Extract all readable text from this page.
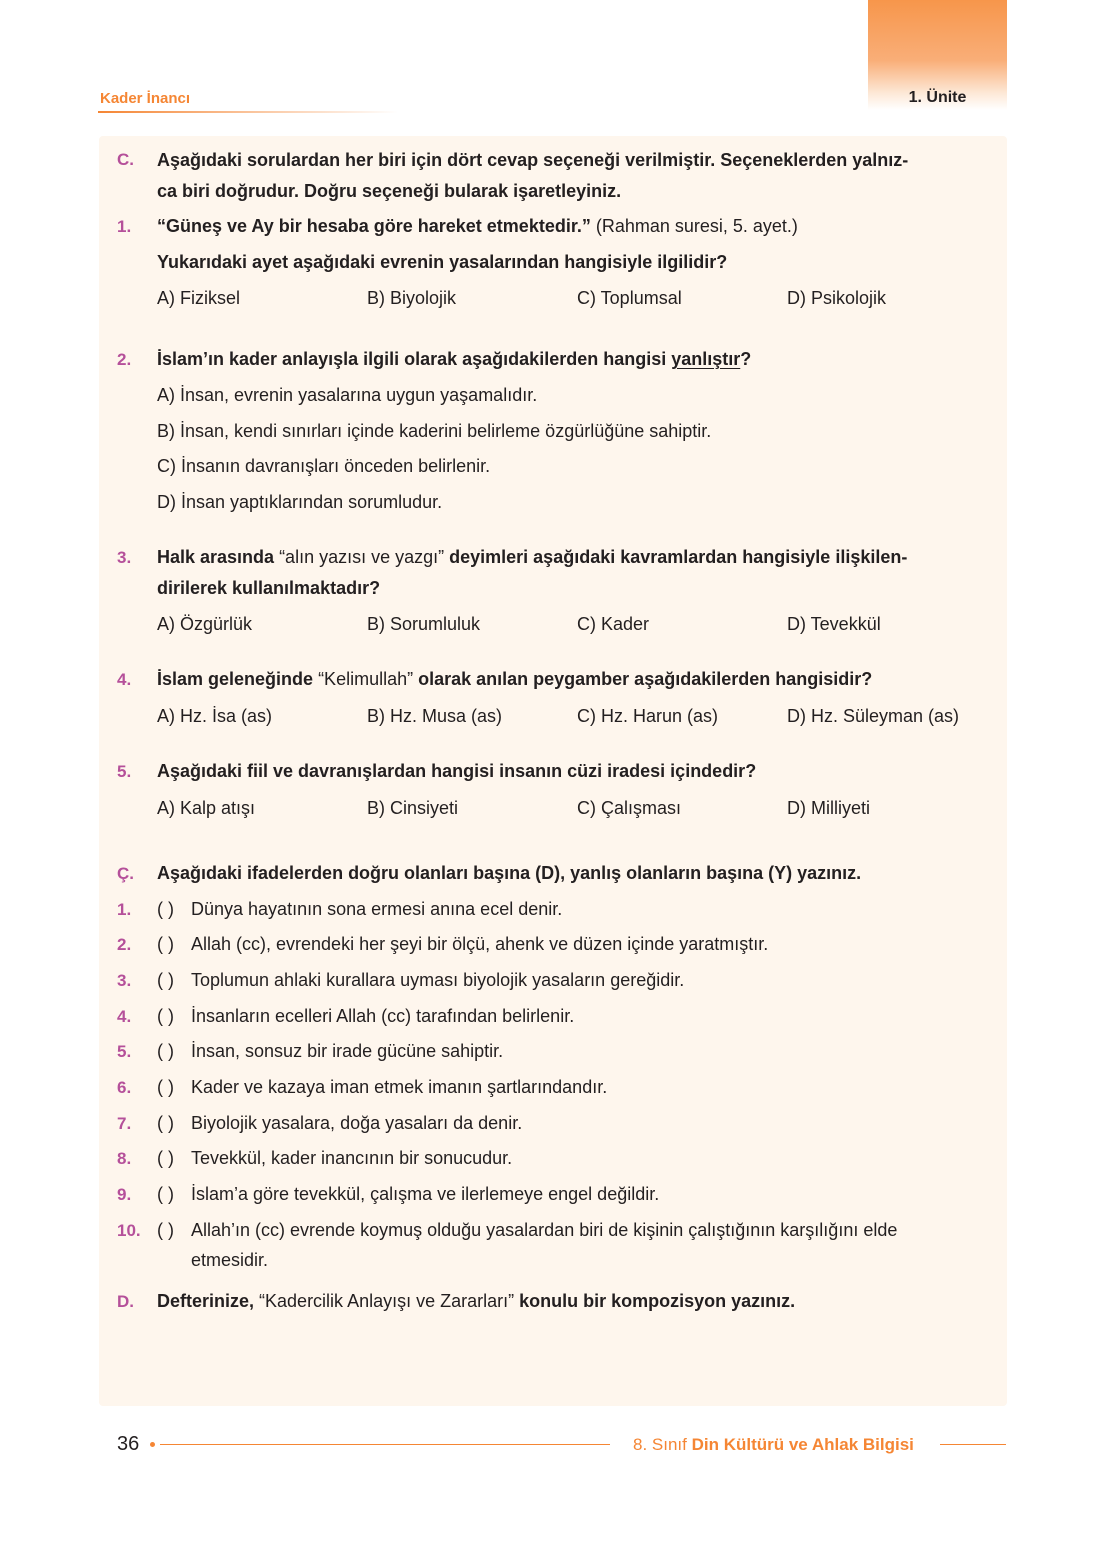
1. Ünite
Kader İnancı
C. Aşağıdaki sorulardan her biri için dört cevap seçeneği verilmiştir. Seçeneklerden yalnız-
ca biri doğrudur. Doğru seçeneği bularak işaretleyiniz.
1. “Güneş ve Ay bir hesaba göre hareket etmektedir.” (Rahman suresi, 5. ayet.)
Yukarıdaki ayet aşağıdaki evrenin yasalarından hangisiyle ilgilidir?
A) Fiziksel	B) Biyolojik	C) Toplumsal	D) Psikolojik
2. İslam’ın kader anlayışla ilgili olarak aşağıdakilerden hangisi yanlıştır?
A) İnsan, evrenin yasalarına uygun yaşamalıdır.
B) İnsan, kendi sınırları içinde kaderini belirleme özgürlüğüne sahiptir.
C) İnsanın davranışları önceden belirlenir.
D) İnsan yaptıklarından sorumludur.
3. Halk arasında “alın yazısı ve yazgı” deyimleri aşağıdaki kavramlardan hangisiyle ilişkilen-
dirilerek kullanılmaktadır?
A) Özgürlük	B) Sorumluluk	C) Kader	D) Tevekkül
4. İslam geleneğinde “Kelimullah” olarak anılan peygamber aşağıdakilerden hangisidir?
A) Hz. İsa (as)	B) Hz. Musa (as)	C) Hz. Harun (as)	D) Hz. Süleyman (as)
5. Aşağıdaki fiil ve davranışlardan hangisi insanın cüzi iradesi içindedir?
A) Kalp atışı	B) Cinsiyeti	C) Çalışması	D) Milliyeti
Ç. Aşağıdaki ifadelerden doğru olanları başına (D), yanlış olanların başına (Y) yazınız.
1. ( ) Dünya hayatının sona ermesi anına ecel denir.
2. ( ) Allah (cc), evrendeki her şeyi bir ölçü, ahenk ve düzen içinde yaratmıştır.
3. ( ) Toplumun ahlaki kurallara uyması biyolojik yasaların gereğidir.
4. ( ) İnsanların ecelleri Allah (cc) tarafından belirlenir.
5. ( ) İnsan, sonsuz bir irade gücüne sahiptir.
6. ( ) Kader ve kazaya iman etmek imanın şartlarındandır.
7. ( ) Biyolojik yasalara, doğa yasaları da denir.
8. ( ) Tevekkül, kader inancının bir sonucudur.
9. ( ) İslam’a göre tevekkül, çalışma ve ilerlemeye engel değildir.
10. ( ) Allah’ın (cc) evrende koymuş olduğu yasalardan biri de kişinin çalıştığının karşılığını elde
etmesidir.
D. Defterinize, “Kadercilik Anlayışı ve Zararları” konulu bir kompozisyon yazınız.
36	8. Sınıf Din Kültürü ve Ahlak Bilgisi
